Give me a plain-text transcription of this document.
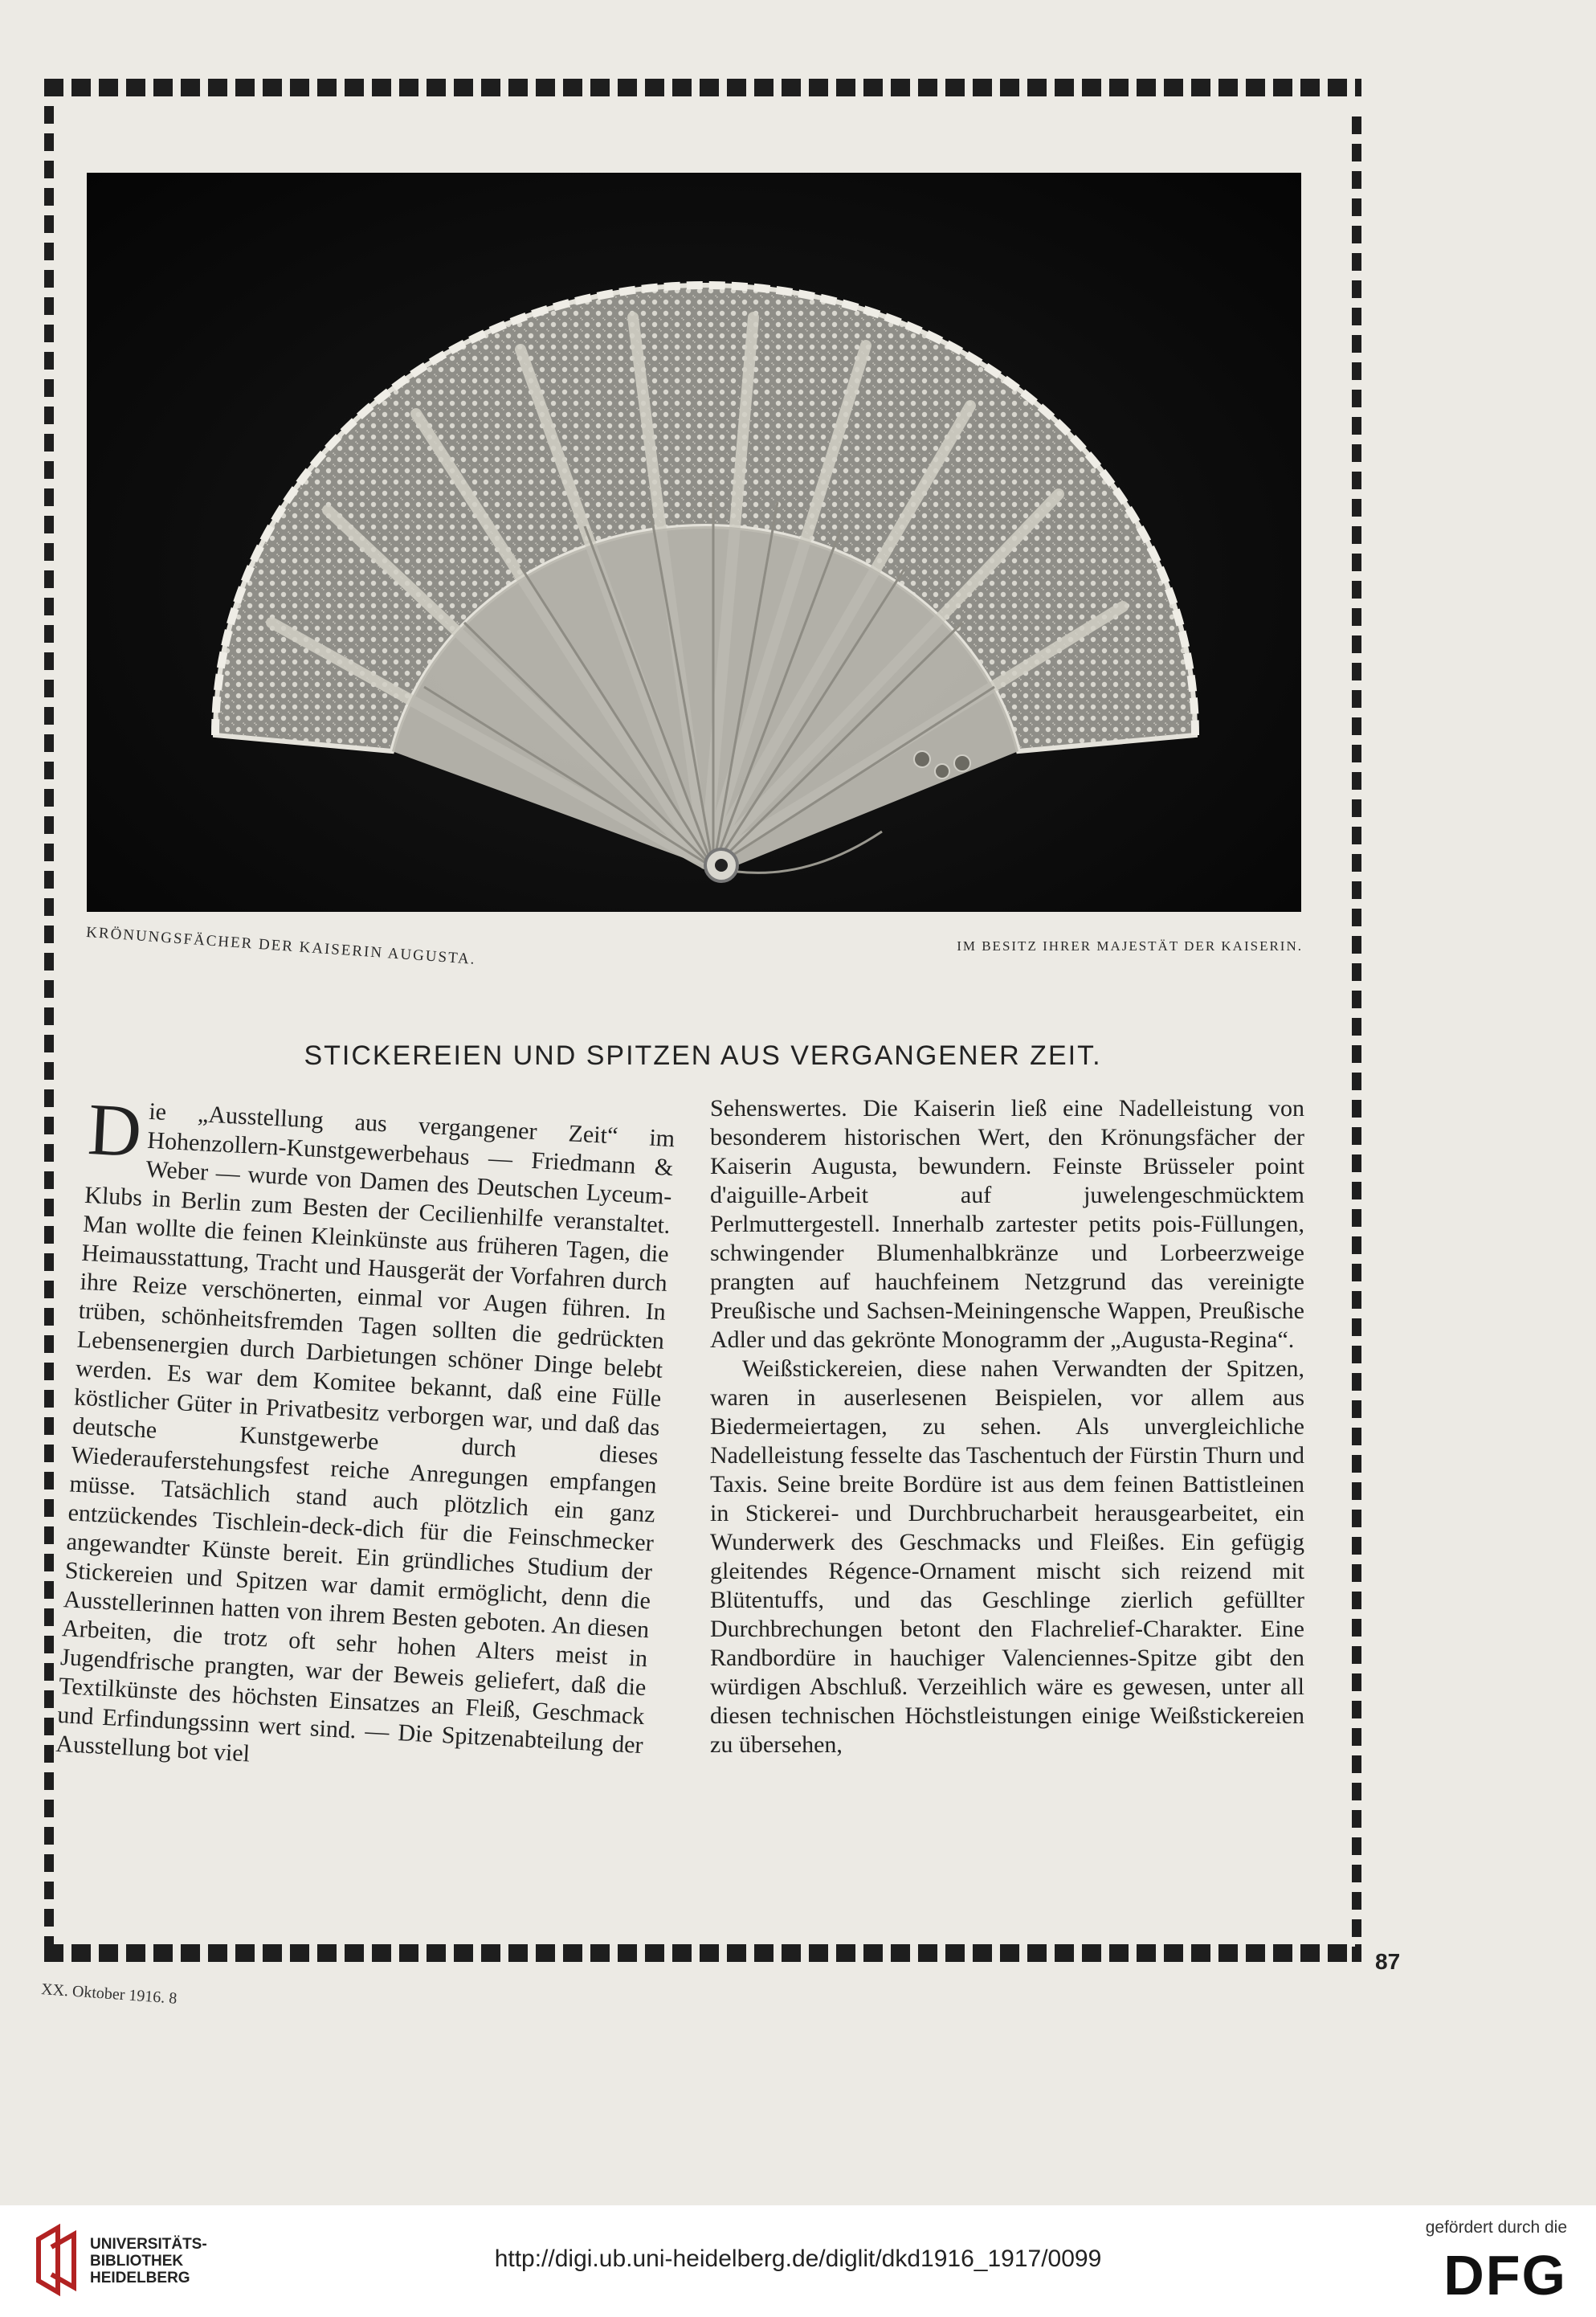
KRÖNUNGSFÄCHER DER KAISERIN AUGUSTA.	IM BESITZ IHRER MAJESTÄT DER KAISERIN.
STICKEREIEN UND SPITZEN AUS VERGANGENER ZEIT.

Die „Ausstellung aus vergangener Zeit“ im Hohenzollern-Kunstgewerbehaus — Friedmann & Weber — wurde von Damen des Deutschen Lyceum-Klubs in Berlin zum Besten der Cecilienhilfe veranstaltet. Man wollte die feinen Kleinkünste aus früheren Tagen, die Heimausstattung, Tracht und Hausgerät der Vorfahren durch ihre Reize verschönerten, einmal vor Augen führen. In trüben, schönheitsfremden Tagen sollten die gedrückten Lebensenergien durch Darbietungen schöner Dinge belebt werden. Es war dem Komitee bekannt, daß eine Fülle köstlicher Güter in Privatbesitz verborgen war, und daß das deutsche Kunstgewerbe durch dieses Wiederauferstehungsfest reiche Anregungen empfangen müsse. Tatsächlich stand auch plötzlich ein ganz entzückendes Tischlein-deck-dich für die Feinschmecker angewandter Künste bereit. Ein gründliches Studium der Stickereien und Spitzen war damit ermöglicht, denn die Ausstellerinnen hatten von ihrem Besten geboten. An diesen Arbeiten, die trotz oft sehr hohen Alters meist in Jugendfrische prangten, war der Beweis geliefert, daß die Textilkünste des höchsten Einsatzes an Fleiß, Geschmack und Erfindungssinn wert sind. — Die Spitzenabteilung der Ausstellung bot viel

Sehenswertes. Die Kaiserin ließ eine Nadelleistung von besonderem historischen Wert, den Krönungsfächer der Kaiserin Augusta, bewundern. Feinste Brüsseler point d'aiguille-Arbeit auf juwelengeschmücktem Perlmuttergestell. Innerhalb zartester petits pois-Füllungen, schwingender Blumenhalbkränze und Lorbeerzweige prangten auf hauchfeinem Netzgrund das vereinigte Preußische und Sachsen-Meiningensche Wappen, Preußische Adler und das gekrönte Monogramm der „Augusta-Regina“.

Weißstickereien, diese nahen Verwandten der Spitzen, waren in auserlesenen Beispielen, vor allem aus Biedermeiertagen, zu sehen. Als unvergleichliche Nadelleistung fesselte das Taschentuch der Fürstin Thurn und Taxis. Seine breite Bordüre ist aus dem feinen Battistleinen in Stickerei- und Durchbrucharbeit herausgearbeitet, ein Wunderwerk des Geschmacks und Fleißes. Ein gefügig gleitendes Régence-Ornament mischt sich reizend mit Blütentuffs, und das Geschlinge zierlich gefüllter Durchbrechungen betont den Flachrelief-Charakter. Eine Randbordüre in hauchiger Valenciennes-Spitze gibt den würdigen Abschluß. Verzeihlich wäre es gewesen, unter all diesen technischen Höchstleistungen einige Weißstickereien zu übersehen,

XX. Oktober 1916. 8
87
UNIVERSITÄTS-
BIBLIOTHEK
HEIDELBERG
http://digi.ub.uni-heidelberg.de/diglit/dkd1916_1917/0099
gefördert durch die
DFG
